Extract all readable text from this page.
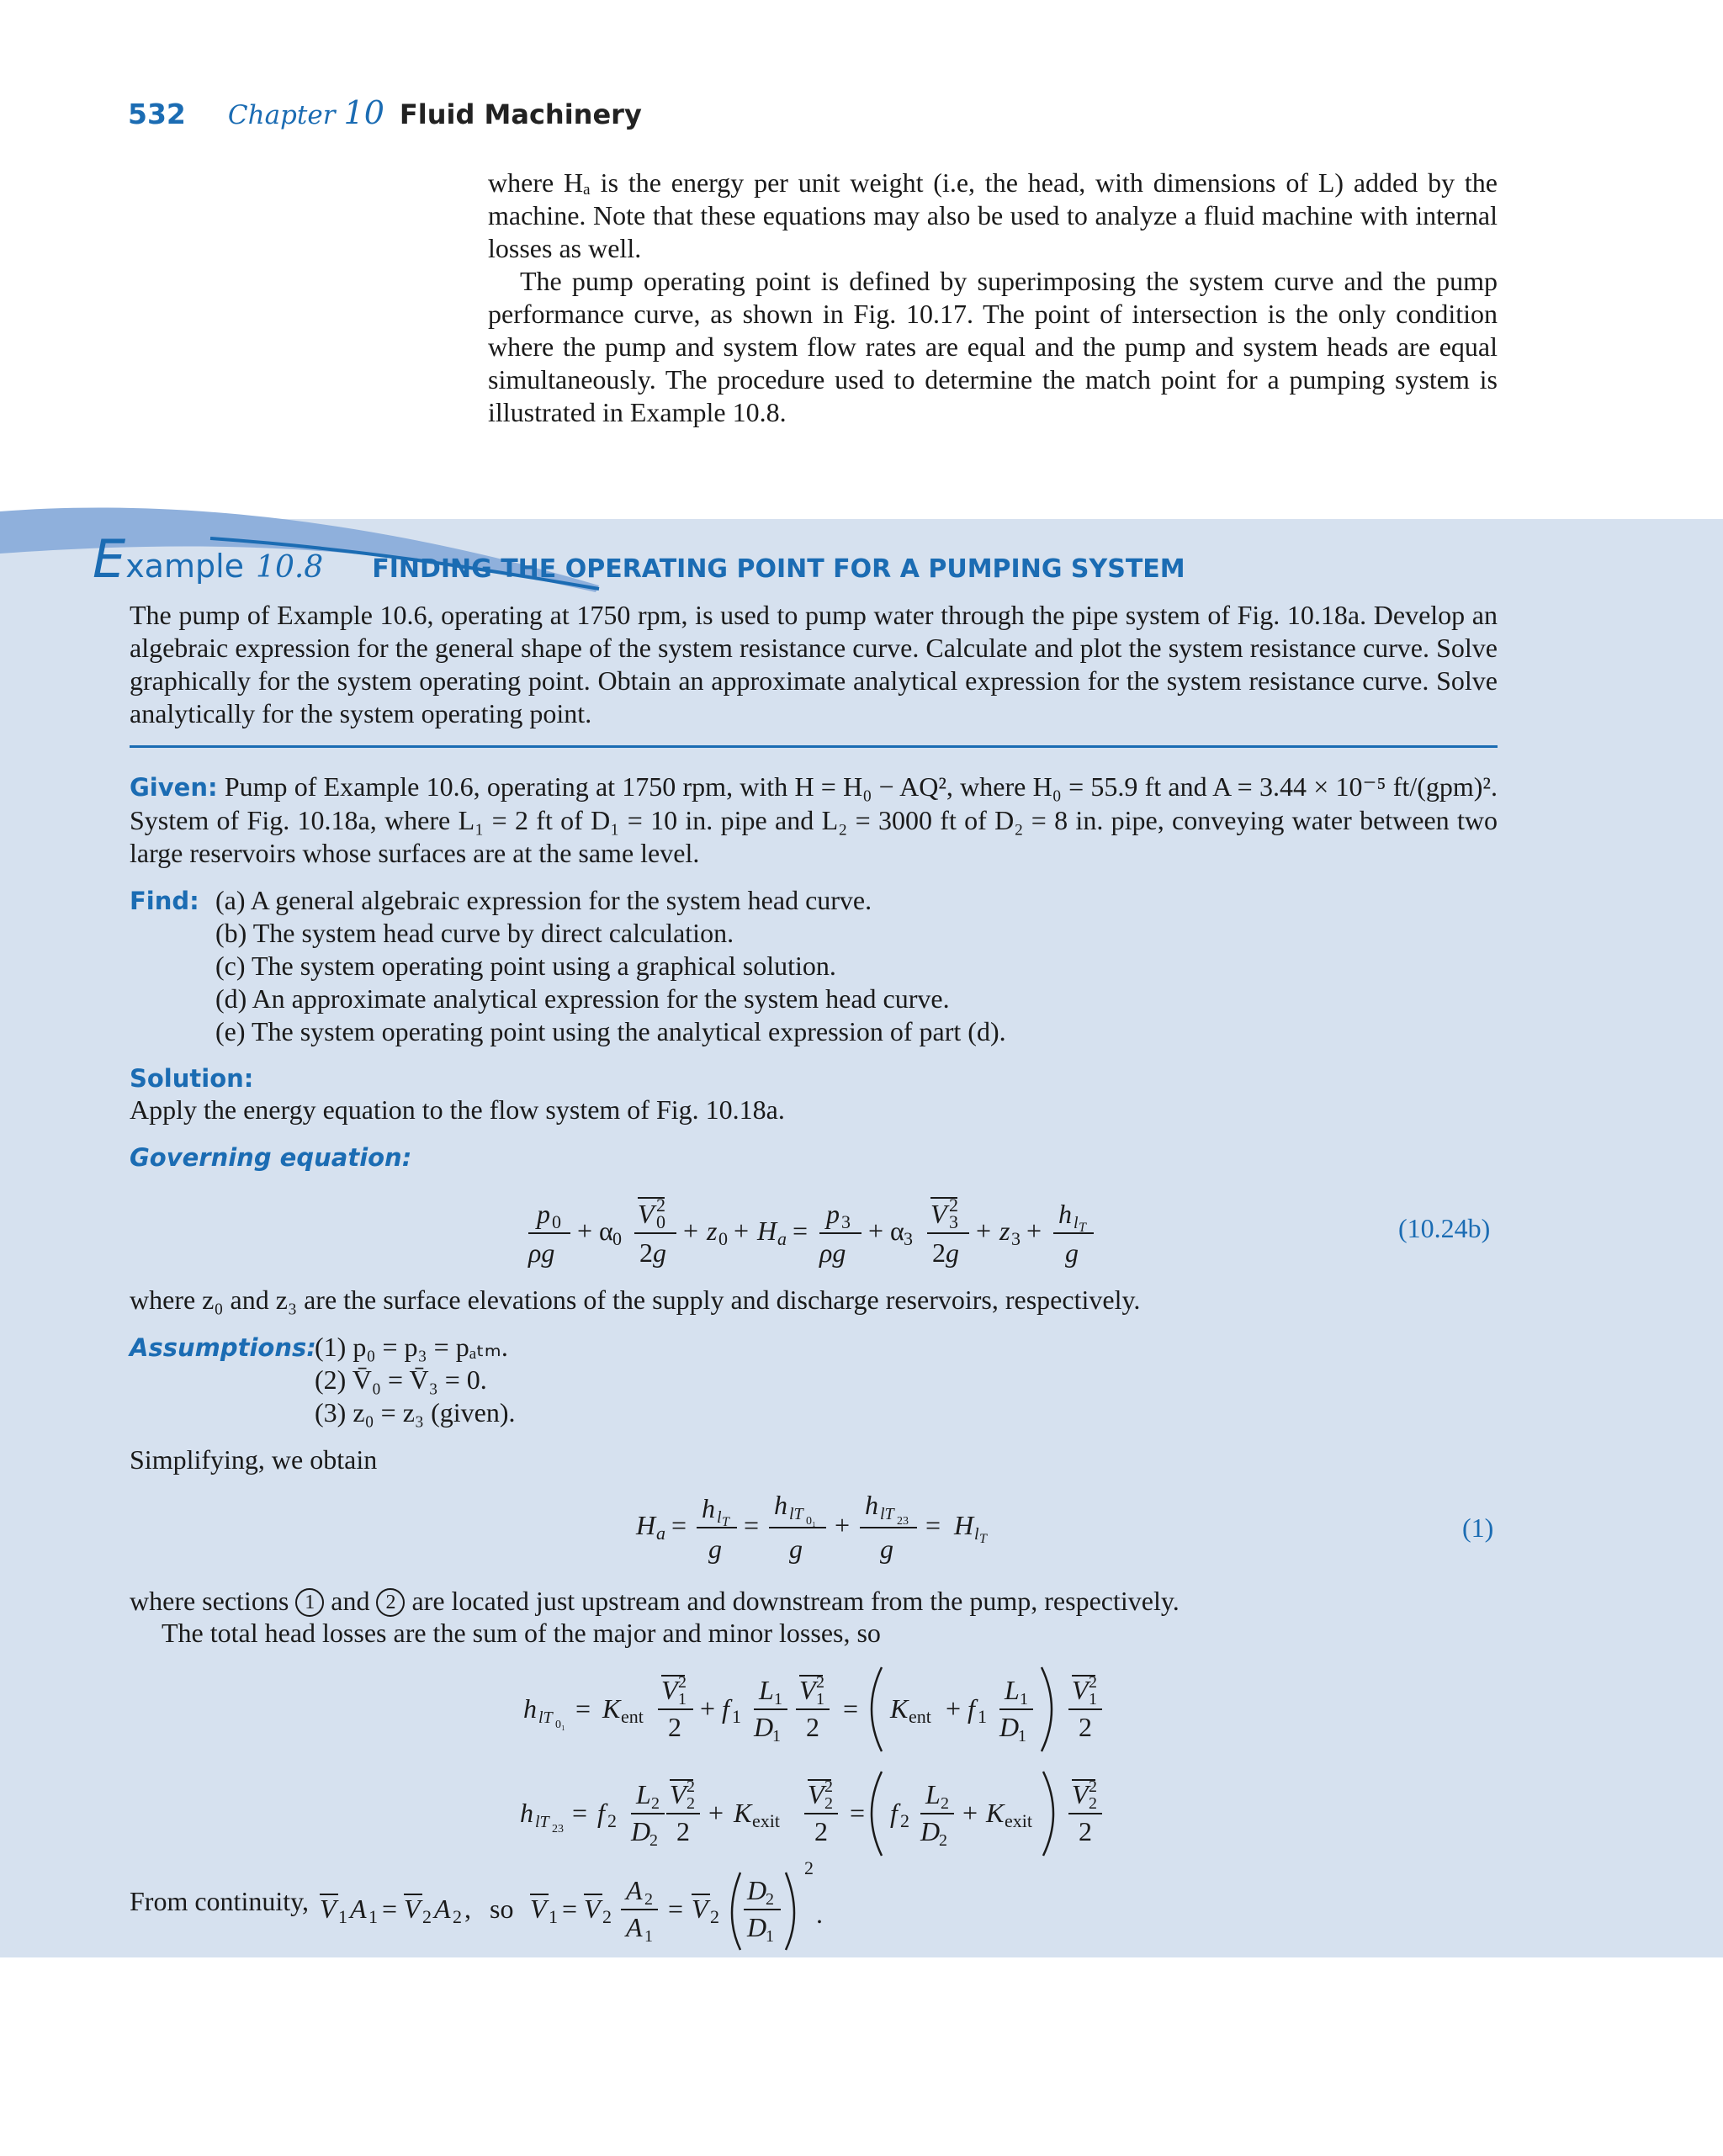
532 Chapter 10 Fluid Machinery

where Hₐ is the energy per unit weight (i.e, the head, with dimensions of L) added by the machine. Note that these equations may also be used to analyze a fluid machine with internal losses as well.

The pump operating point is defined by superimposing the system curve and the pump performance curve, as shown in Fig. 10.17. The point of intersection is the only condition where the pump and system flow rates are equal and the pump and system heads are equal simultaneously. The procedure used to determine the match point for a pumping system is illustrated in Example 10.8.

E xample 10.8 FINDING THE OPERATING POINT FOR A PUMPING SYSTEM
The pump of Example 10.6, operating at 1750 rpm, is used to pump water through the pipe system of Fig. 10.18a. Develop an algebraic expression for the general shape of the system resistance curve. Calculate and plot the system resistance curve. Solve graphically for the system operating point. Obtain an approximate analytical expression for the system resistance curve. Solve analytically for the system operating point.
Given: Pump of Example 10.6, operating at 1750 rpm, with H = H₀ − AQ², where H₀ = 55.9 ft and A = 3.44 × 10⁻⁵ ft/(gpm)². System of Fig. 10.18a, where L₁ = 2 ft of D₁ = 10 in. pipe and L₂ = 3000 ft of D₂ = 8 in. pipe, conveying water between two large reservoirs whose surfaces are at the same level.
Find: (a) A general algebraic expression for the system head curve.
(b) The system head curve by direct calculation.
(c) The system operating point using a graphical solution.
(d) An approximate analytical expression for the system head curve.
(e) The system operating point using the analytical expression of part (d).
Solution:
Apply the energy equation to the flow system of Fig. 10.18a.
Governing equation:
p 0
ρg
+ α 0
V 2
0
2 g
+ z 0 + H a =
p 3
ρg
+ α 3
V 2
3
2 g
+ z 3 +
h l T
g
(10.24b)
where z₀ and z₃ are the surface elevations of the supply and discharge reservoirs, respectively.
Assumptions:
(1) p₀ = p₃ = pₐₜₘ.
(2) V̄₀ = V̄₃ = 0.
(3) z₀ = z₃ (given).
Simplifying, we obtain
H a =
h l T
g
=
h lT 0₁
g
+
h lT 23
g
= H l T	(1)
where sections 1 and 2 are located just upstream and downstream from the pump, respectively.
The total head losses are the sum of the major and minor losses, so
h lT 0₁
= K ent
V 2
1
2
+ f 1
L 1
D
1
V 2
1
2
= K ent + f 1
L 1
D
1
V 2
1
2
h lT 23
= f 2
L 2
D
2
V 2
2
2
+ K exit
V 2
2
2
= f 2
L 2
D
2
+ K exit
V 2
2
2
From continuity, V 1 A 1 = V 2 A 2 , so V 1 = V 2
A 2
A 1
= V 2
D
2
D
1
2
.
